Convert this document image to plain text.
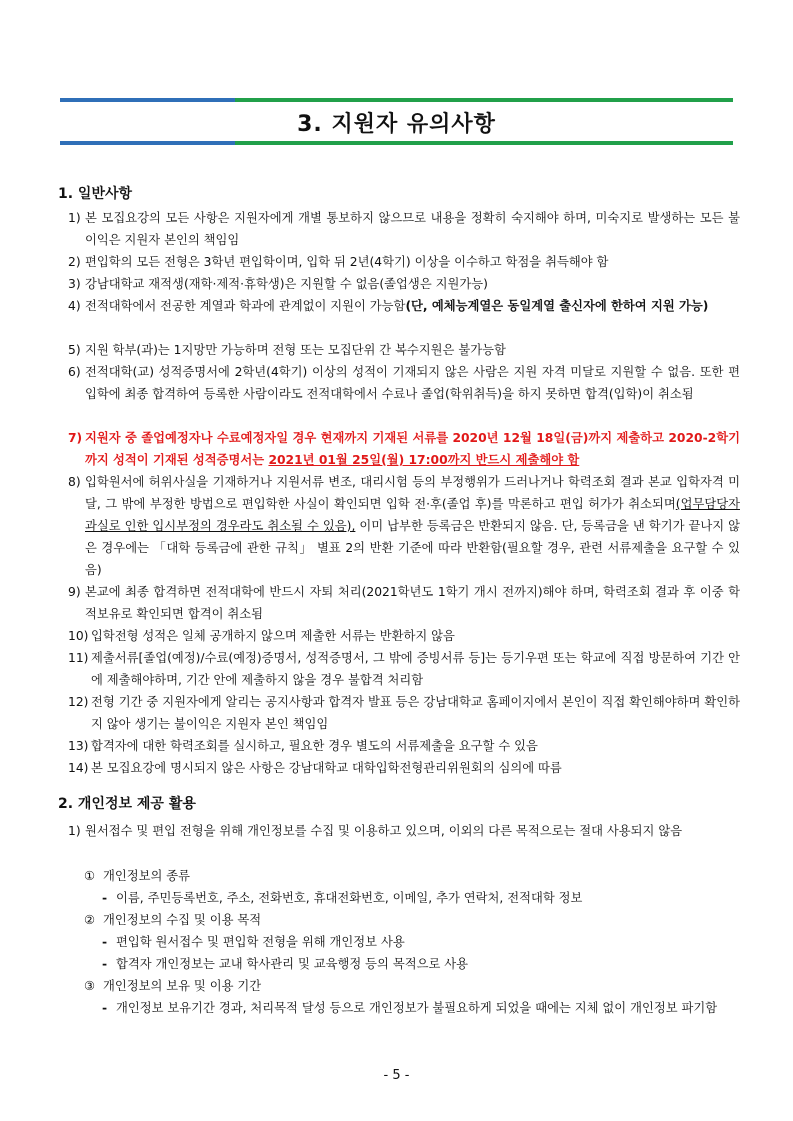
3. 지원자 유의사항
1. 일반사항
1) 본 모집요강의 모든 사항은 지원자에게 개별 통보하지 않으므로 내용을 정확히 숙지해야 하며, 미숙지로 발생하는 모든 불이익은 지원자 본인의 책임임
2) 편입학의 모든 전형은 3학년 편입학이며, 입학 뒤 2년(4학기) 이상을 이수하고 학점을 취득해야 함
3) 강남대학교 재적생(재학·제적·휴학생)은 지원할 수 없음(졸업생은 지원가능)
4) 전적대학에서 전공한 계열과 학과에 관계없이 지원이 가능함(단, 예체능계열은 동일계열 출신자에 한하여 지원 가능)
5) 지원 학부(과)는 1지망만 가능하며 전형 또는 모집단위 간 복수지원은 불가능함
6) 전적대학(교) 성적증명서에 2학년(4학기) 이상의 성적이 기재되지 않은 사람은 지원 자격 미달로 지원할 수 없음. 또한 편입학에 최종 합격하여 등록한 사람이라도 전적대학에서 수료나 졸업(학위취득)을 하지 못하면 합격(입학)이 취소됨
7) 지원자 중 졸업예정자나 수료예정자일 경우 현재까지 기재된 서류를 2020년 12월 18일(금)까지 제출하고 2020-2학기까지 성적이 기재된 성적증명서는 2021년 01월 25일(월) 17:00까지 반드시 제출해야 함
8) 입학원서에 허위사실을 기재하거나 지원서류 변조, 대리시험 등의 부정행위가 드러나거나 학력조회 결과 본교 입학자격 미달, 그 밖에 부정한 방법으로 편입학한 사실이 확인되면 입학 전·후(졸업 후)를 막론하고 편입 허가가 취소되며(업무담당자 과실로 인한 입시부정의 경우라도 취소될 수 있음), 이미 납부한 등록금은 반환되지 않음. 단, 등록금을 낸 학기가 끝나지 않은 경우에는 「대학 등록금에 관한 규칙」 별표 2의 반환 기준에 따라 반환함(필요할 경우, 관련 서류제출을 요구할 수 있음)
9) 본교에 최종 합격하면 전적대학에 반드시 자퇴 처리(2021학년도 1학기 개시 전까지)해야 하며, 학력조회 결과 후 이중 학적보유로 확인되면 합격이 취소됨
10) 입학전형 성적은 일체 공개하지 않으며 제출한 서류는 반환하지 않음
11) 제출서류[졸업(예정)/수료(예정)증명서, 성적증명서, 그 밖에 증빙서류 등]는 등기우편 또는 학교에 직접 방문하여 기간 안에 제출해야하며, 기간 안에 제출하지 않을 경우 불합격 처리함
12) 전형 기간 중 지원자에게 알리는 공지사항과 합격자 발표 등은 강남대학교 홈페이지에서 본인이 직접 확인해야하며 확인하지 않아 생기는 불이익은 지원자 본인 책임임
13) 합격자에 대한 학력조회를 실시하고, 필요한 경우 별도의 서류제출을 요구할 수 있음
14) 본 모집요강에 명시되지 않은 사항은 강남대학교 대학입학전형관리위원회의 심의에 따름
2. 개인정보 제공 활용
1) 원서접수 및 편입 전형을 위해 개인정보를 수집 및 이용하고 있으며, 이외의 다른 목적으로는 절대 사용되지 않음
① 개인정보의 종류
- 이름, 주민등록번호, 주소, 전화번호, 휴대전화번호, 이메일, 추가 연락처, 전적대학 정보
② 개인정보의 수집 및 이용 목적
- 편입학 원서접수 및 편입학 전형을 위해 개인정보 사용
- 합격자 개인정보는 교내 학사관리 및 교육행정 등의 목적으로 사용
③ 개인정보의 보유 및 이용 기간
- 개인정보 보유기간 경과, 처리목적 달성 등으로 개인정보가 불필요하게 되었을 때에는 지체 없이 개인정보 파기함
- 5 -
